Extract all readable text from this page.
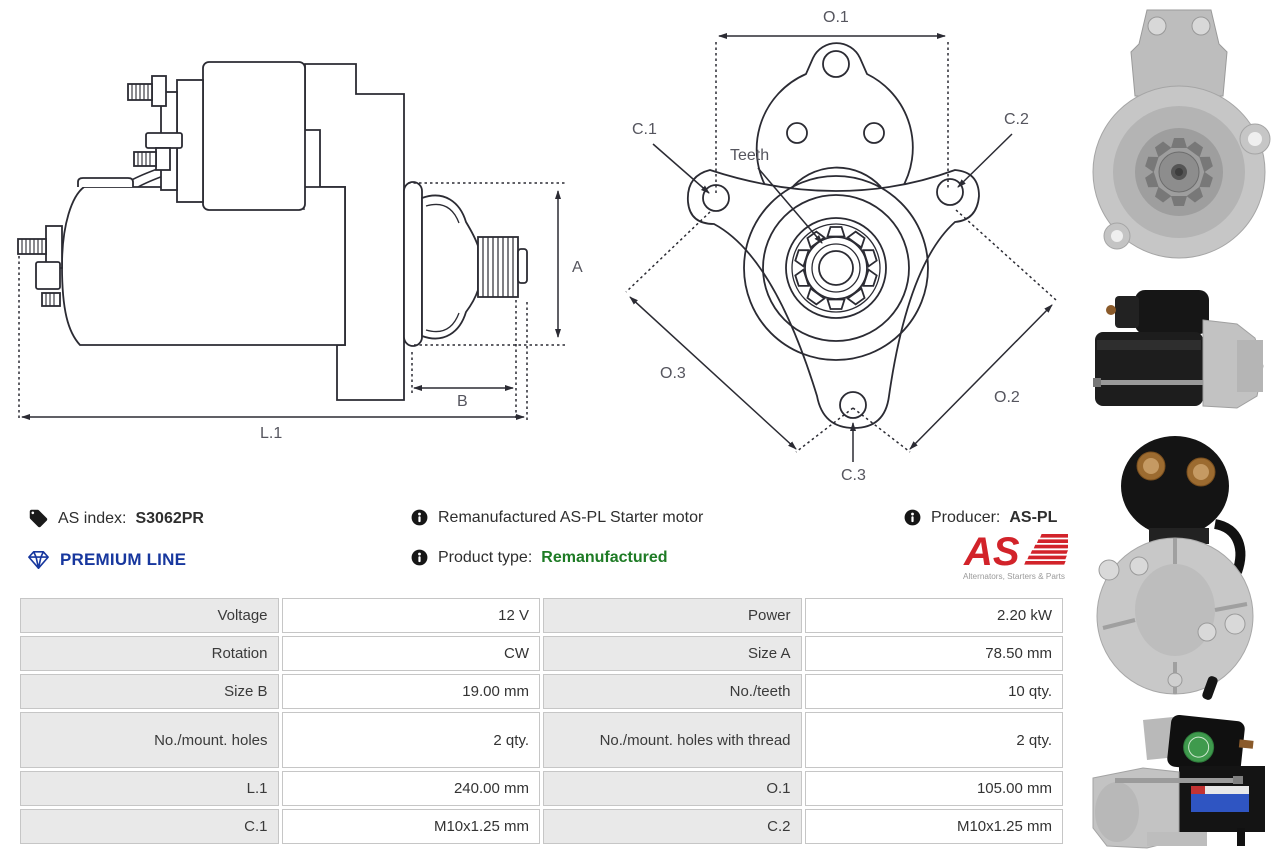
A
B
L.1
O.1
C.1
C.2
C.3
O.3
O.2
Teeth
AS index: S3062PR
PREMIUM LINE
Remanufactured AS-PL Starter motor
Product type: Remanufactured
Producer: AS-PL
AS
Alternators, Starters & Parts
Voltage	12 V	Power	2.20 kW
Rotation	CW	Size A	78.50 mm
Size B	19.00 mm	No./teeth	10 qty.
No./mount. holes	2 qty.	No./mount. holes with thread	2 qty.
L.1	240.00 mm	O.1	105.00 mm
C.1	M10x1.25 mm	C.2	M10x1.25 mm
